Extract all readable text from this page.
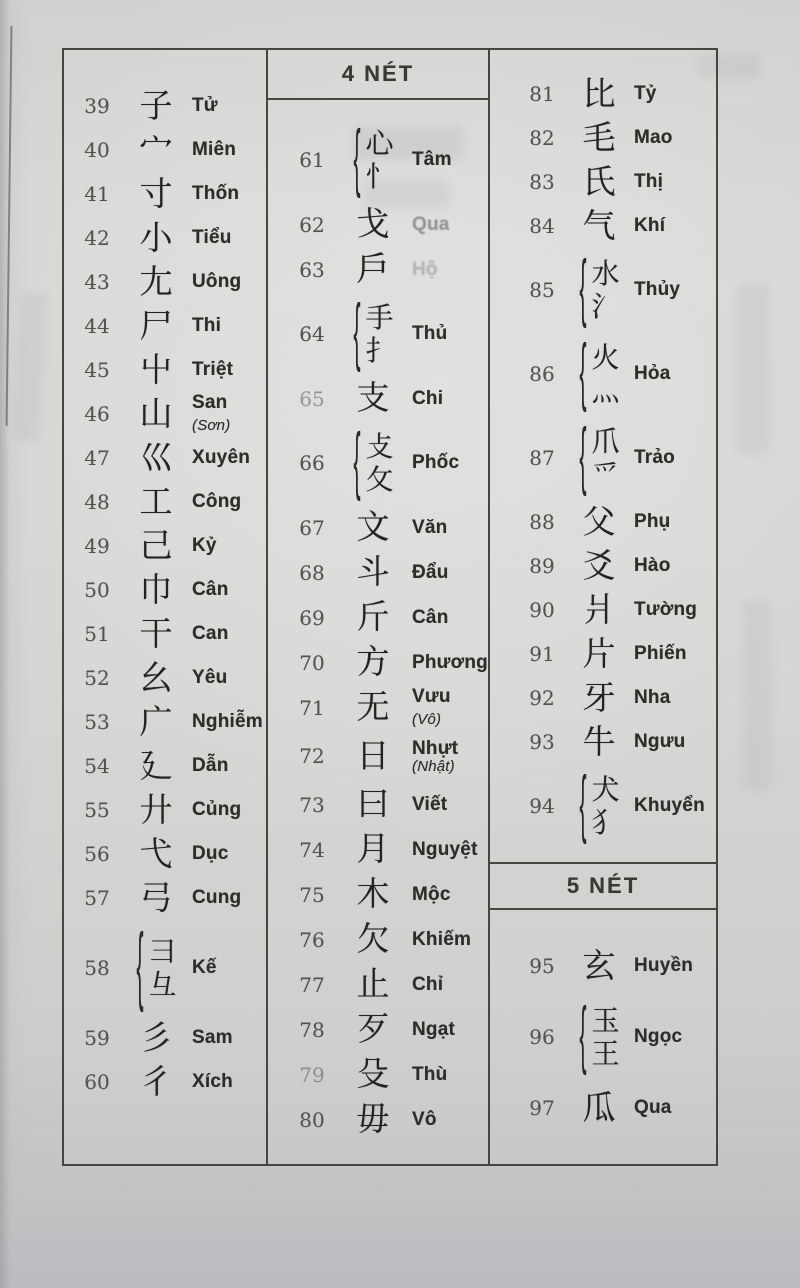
39 子 Tử
40 宀 Miên
41 寸 Thốn
42 小 Tiểu
43 尢 Uông
44 尸 Thi
45 屮 Triệt
46 山 San (Sơn)
47 巛 Xuyên
48 工 Công
49 己 Kỷ
50 巾 Cân
51 干 Can
52 幺 Yêu
53 广 Nghiễm
54 廴 Dẫn
55 廾 Củng
56 弋 Dục
57 弓 Cung
58 { 彐
彑
Kế
59 彡 Sam
60 彳 Xích
4 NÉT
61 { 心
忄
Tâm
62 戈 Qua
63 戶 Hộ
64 { 手
扌
Thủ
65 支 Chi
66 { 攴
攵
Phốc
67 文 Văn
68 斗 Đẩu
69 斤 Cân
70 方 Phương
71 无 Vưu (Vô)
72 日 Nhựt
(Nhật)
73 曰 Viết
74 月 Nguyệt
75 木 Mộc
76 欠 Khiếm
77 止 Chỉ
78 歹 Ngạt
79 殳 Thù
80 毋 Vô
81 比 Tỷ
82 毛 Mao
83 氏 Thị
84 气 Khí
85 { 水
氵
Thủy
86 { 火
灬
Hỏa
87 { 爪
爫
Trảo
88 父 Phụ
89 爻 Hào
90 爿 Tường
91 片 Phiến
92 牙 Nha
93 牛 Ngưu
94 { 犬
犭
Khuyển
5 NÉT
95 玄 Huyền
96 { 玉
王
Ngọc
97 瓜 Qua
